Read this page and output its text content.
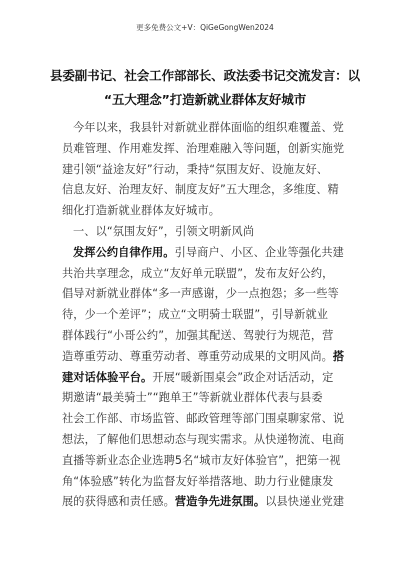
更多免费公文+V：QiGeGongWen2024
县委副书记、社会工作部部长、政法委书记交流发言：以
“五大理念”打造新就业群体友好城市
今年以来，我县针对新就业群体面临的组织难覆盖、党
员难管理、作用难发挥、治理难融入等问题，创新实施党
建引领“益途友好”行动，秉持“氛围友好、设施友好、
信息友好、治理友好、制度友好”五大理念，多维度、精
细化打造新就业群体友好城市。
一、以“氛围友好”，引领文明新风尚
发挥公约自律作用。引导商户、小区、企业等强化共建
共治共享理念，成立“友好单元联盟”，发布友好公约，
倡导对新就业群体“多一声感谢，少一点抱怨；多一些等
待，少一个差评”；成立“文明骑士联盟”，引导新就业
群体践行“小哥公约”，加强其配送、驾驶行为规范，营
造尊重劳动、尊重劳动者、尊重劳动成果的文明风尚。搭
建对话体验平台。开展“暖新围桌会”政企对话活动，定
期邀请“最美骑士”“跑单王”等新就业群体代表与县委
社会工作部、市场监管、邮政管理等部门围桌聊家常、说
想法，了解他们思想动态与现实需求。从快递物流、电商
直播等新业态企业选聘5名“城市友好体验官”，把第一视
角“体验感”转化为监督友好举措落地、助力行业健康发
展的获得感和责任感。营造争先进氛围。以县快递业党建
